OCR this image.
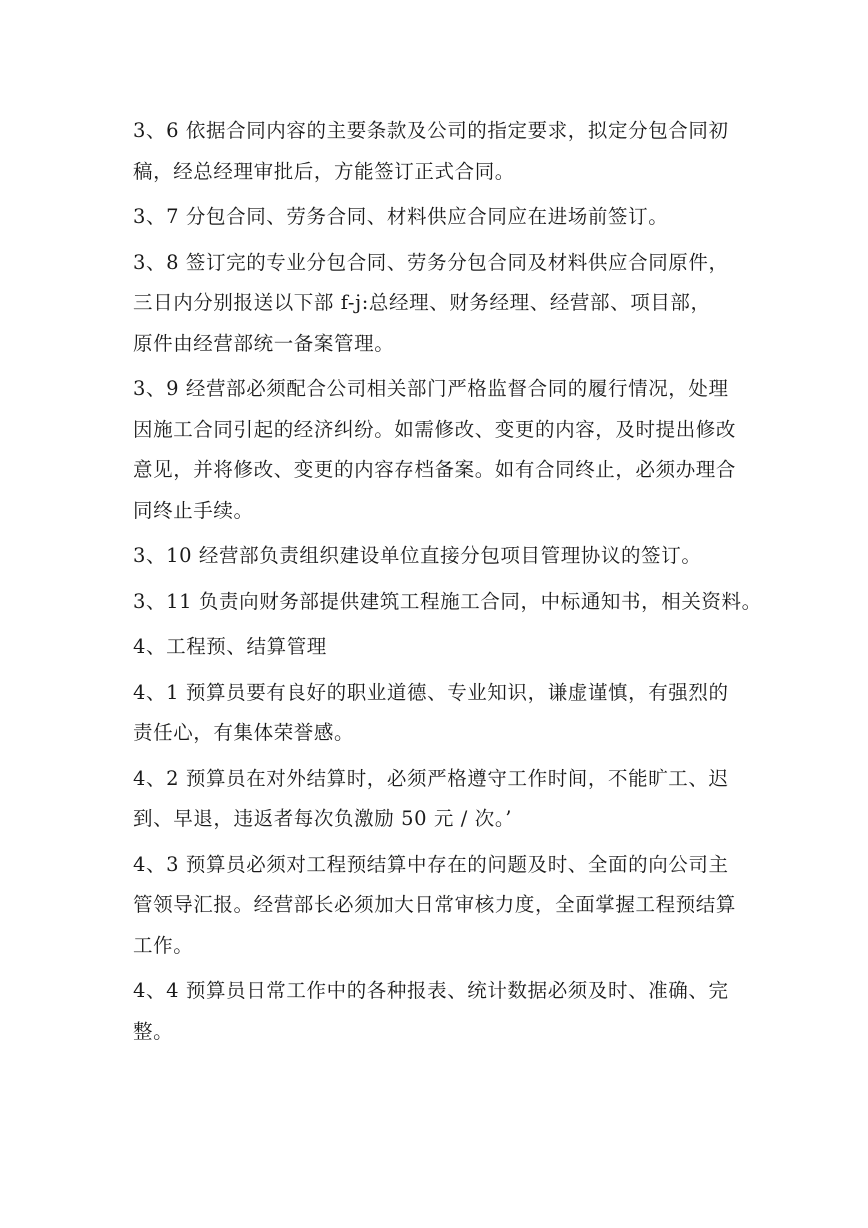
3、6 依据合同内容的主要条款及公司的指定要求，拟定分包合同初
稿，经总经理审批后，方能签订正式合同。
3、7 分包合同、劳务合同、材料供应合同应在进场前签订。
3、8 签订完的专业分包合同、劳务分包合同及材料供应合同原件，
三日内分别报送以下部 f-j:总经理、财务经理、经营部、项目部，
原件由经营部统一备案管理。
3、9 经营部必须配合公司相关部门严格监督合同的履行情况，处理
因施工合同引起的经济纠纷。如需修改、变更的内容，及时提出修改
意见，并将修改、变更的内容存档备案。如有合同终止，必须办理合
同终止手续。
3、10 经营部负责组织建设单位直接分包项目管理协议的签订。
3、11 负责向财务部提供建筑工程施工合同，中标通知书，相关资料。
4、工程预、结算管理
4、1 预算员要有良好的职业道德、专业知识，谦虚谨慎，有强烈的
责任心，有集体荣誉感。
4、2 预算员在对外结算时，必须严格遵守工作时间，不能旷工、迟
到、早退，违返者每次负激励 50 元 / 次。’
4、3 预算员必须对工程预结算中存在的问题及时、全面的向公司主
管领导汇报。经营部长必须加大日常审核力度，全面掌握工程预结算
工作。
4、4 预算员日常工作中的各种报表、统计数据必须及时、准确、完
整。
